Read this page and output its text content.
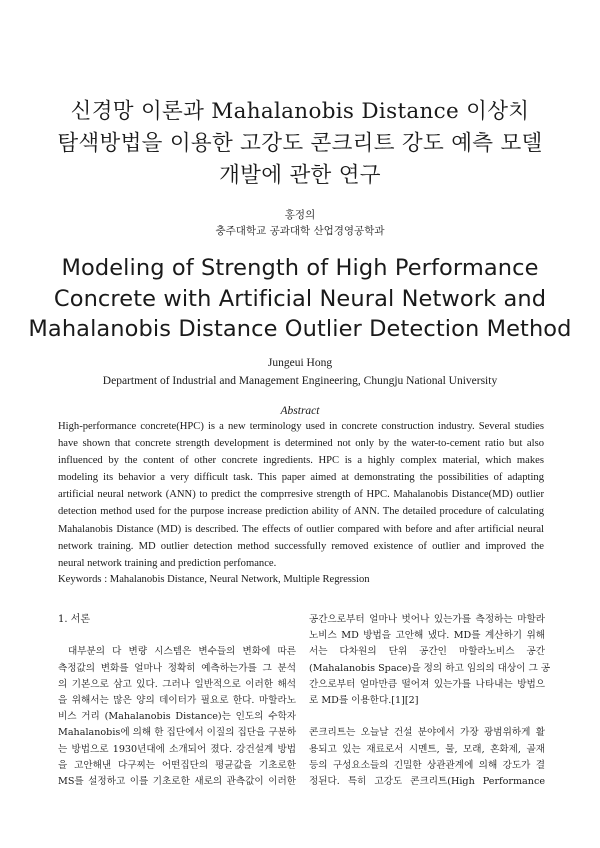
신경망 이론과 Mahalanobis Distance 이상치
탐색방법을 이용한 고강도 콘크리트 강도 예측 모델
개발에 관한 연구
홍정의
충주대학교 공과대학 산업경영공학과
Modeling of Strength of High Performance
Concrete with Artificial Neural Network and
Mahalanobis Distance Outlier Detection Method
Jungeui Hong
Department of Industrial and Management Engineering, Chungju National University
Abstract
High-performance concrete(HPC) is a new terminology used in concrete construction industry. Several studies
have shown that concrete strength development is determined not only by the water-to-cement ratio but also
influenced by the content of other concrete ingredients. HPC is a highly complex material, which makes
modeling its behavior a very difficult task. This paper aimed at demonstrating the possibilities of adapting
artificial neural network (ANN) to predict the comprresive strength of HPC. Mahalanobis Distance(MD) outlier
detection method used for the purpose increase prediction ability of ANN. The detailed procedure of calculating
Mahalanobis Distance (MD) is described. The effects of outlier compared with before and after artificial neural
network training. MD outlier detection method successfully removed existence of outlier and improved the
neural network training and prediction perfomance.
Keywords : Mahalanobis Distance, Neural Network, Multiple Regression
1. 서론
대부분의 다 변량 시스템은 변수들의 변화에 따른
측정값의 변화를 얼마나 정확히 예측하는가를 그 분석
의 기본으로 삼고 있다. 그러나 일반적으로 이러한 해석
을 위해서는 많은 양의 데이터가 필요로 한다. 마할라노
비스 거리 (Mahalanobis Distance)는 인도의 수학자
Mahalanobis에 의해 한 집단에서 이질의 집단을 구분하
는 방법으로 1930년대에 소개되어 졌다. 강건설계 방법
을 고안해낸 다구찌는 어떤집단의 평균값을 기초로한
MS를 설정하고 이를 기초로한 새로의 관측값이 이러한
공간으로부터 얼마나 벗어나 있는가를 측정하는 마할라
노비스 MD 방법을 고안해 냈다. MD를 계산하기 위해
서는 다차원의 단위 공간인 마할라노비스 공간
(Mahalanobis Space)을 정의 하고 임의의 대상이 그 공
간으로부터 얼마만큼 떨어져 있는가를 나타내는 방법으
로 MD를 이용한다.[1][2]
콘크리트는 오늘날 건설 분야에서 가장 광범위하게 활
용되고 있는 재료로서 시멘트, 물, 모래, 혼화제, 골재
등의 구성요소들의 긴밀한 상관관계에 의해 강도가 결
정된다. 특히 고강도 콘크리트(High Performance
